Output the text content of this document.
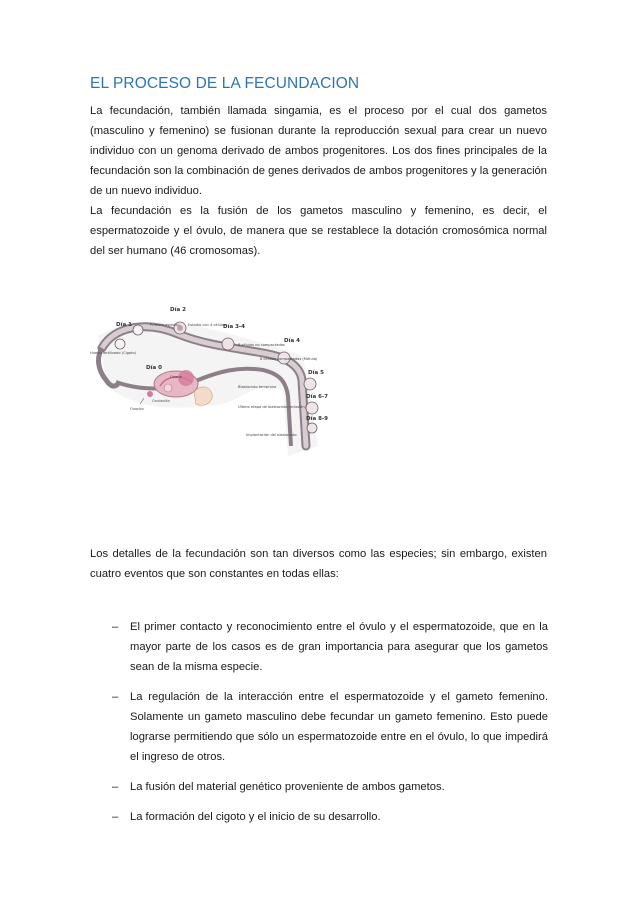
EL PROCESO DE LA FECUNDACION

La fecundación, también llamada singamia, es el proceso por el cual dos gametos (masculino y femenino) se fusionan durante la reproducción sexual para crear un nuevo individuo con un genoma derivado de ambos progenitores. Los dos fines principales de la fecundación son la combinación de genes derivados de ambos progenitores y la generación de un nuevo individuo.

La fecundación es la fusión de los gametos masculino y femenino, es decir, el espermatozoide y el óvulo, de manera que se restablece la dotación cromosómica normal del ser humano (46 cromosomas).

Día 1
Día 2
Día 3-4
Día 4
Día 0
Día 5
Día 6-7
Día 8-9
Huevo fertilizado (Cigoto)
Primera escisión Estadio con 4 células
8 células no compactadas
8 células compactadas (Mórula)
Ovario
Blastocisto temprano
Último etapa de blastocisto (eclosión)
Implantación del blastocisto
Ovulación
Ovocito

Los detalles de la fecundación son tan diversos como las especies; sin embargo, existen cuatro eventos que son constantes en todas ellas:

– El primer contacto y reconocimiento entre el óvulo y el espermatozoide, que en la mayor parte de los casos es de gran importancia para asegurar que los gametos sean de la misma especie.
– La regulación de la interacción entre el espermatozoide y el gameto femenino. Solamente un gameto masculino debe fecundar un gameto femenino. Esto puede lograrse permitiendo que sólo un espermatozoide entre en el óvulo, lo que impedirá el ingreso de otros.
– La fusión del material genético proveniente de ambos gametos.
– La formación del cigoto y el inicio de su desarrollo.
